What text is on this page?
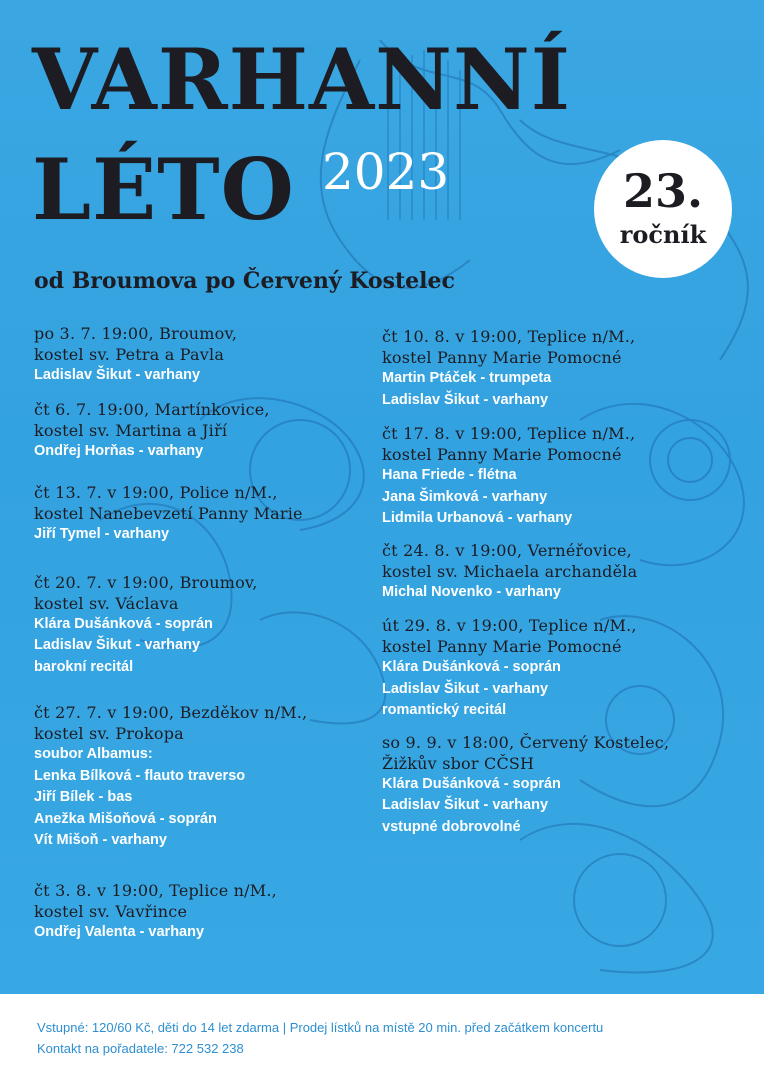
VARHANNÍ
LÉTO 2023	23.
ročník
od Broumova po Červený Kostelec
po 3. 7. 19:00, Broumov,
kostel sv. Petra a Pavla
Ladislav Šikut - varhany
čt 6. 7. 19:00, Martínkovice,
kostel sv. Martina a Jiří
Ondřej Horňas - varhany
čt 13. 7. v 19:00, Police n/M.,
kostel Nanebevzetí Panny Marie
Jiří Tymel - varhany
čt 20. 7. v 19:00, Broumov,
kostel sv. Václava
Klára Dušánková - soprán
Ladislav Šikut - varhany
barokní recitál
čt 27. 7. v 19:00, Bezděkov n/M.,
kostel sv. Prokopa
soubor Albamus:
Lenka Bílková - flauto traverso
Jiří Bílek - bas
Anežka Mišoňová - soprán
Vít Mišoň - varhany
čt 3. 8. v 19:00, Teplice n/M.,
kostel sv. Vavřince
Ondřej Valenta - varhany
čt 10. 8. v 19:00, Teplice n/M.,
kostel Panny Marie Pomocné
Martin Ptáček - trumpeta
Ladislav Šikut - varhany
čt 17. 8. v 19:00, Teplice n/M.,
kostel Panny Marie Pomocné
Hana Friede - flétna
Jana Šimková - varhany
Lidmila Urbanová - varhany
čt 24. 8. v 19:00, Vernéřovice,
kostel sv. Michaela archanděla
Michal Novenko - varhany
út 29. 8. v 19:00, Teplice n/M.,
kostel Panny Marie Pomocné
Klára Dušánková - soprán
Ladislav Šikut - varhany
romantický recitál
so 9. 9. v 18:00, Červený Kostelec,
Žižkův sbor CČSH
Klára Dušánková - soprán
Ladislav Šikut - varhany
vstupné dobrovolné
Vstupné: 120/60 Kč, děti do 14 let zdarma | Prodej lístků na místě 20 min. před začátkem koncertu
Kontakt na pořadatele: 722 532 238
